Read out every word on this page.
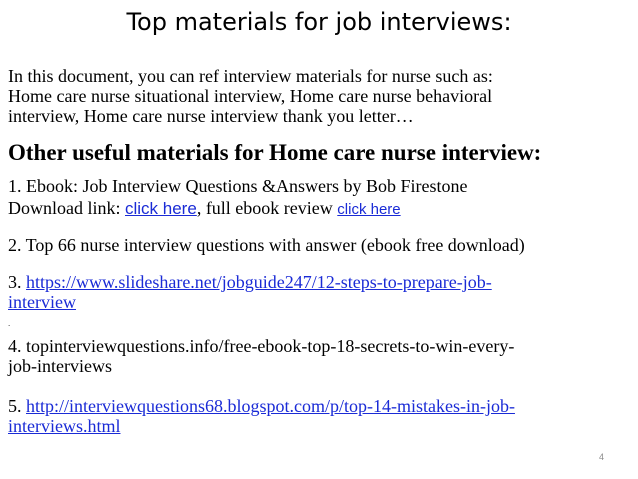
Top materials for job interviews:
In this document, you can ref interview materials for nurse such as:
Home care nurse situational interview, Home care nurse behavioral
interview, Home care nurse interview thank you letter…
Other useful materials for Home care nurse interview:
1. Ebook: Job Interview Questions &Answers by Bob Firestone
Download link: click here, full ebook review click here
2. Top 66 nurse interview questions with answer (ebook free download)
3. https://www.slideshare.net/jobguide247/12-steps-to-prepare-job-
interview
.
4. topinterviewquestions.info/free-ebook-top-18-secrets-to-win-every-
job-interviews
5. http://interviewquestions68.blogspot.com/p/top-14-mistakes-in-job-
interviews.html
4
